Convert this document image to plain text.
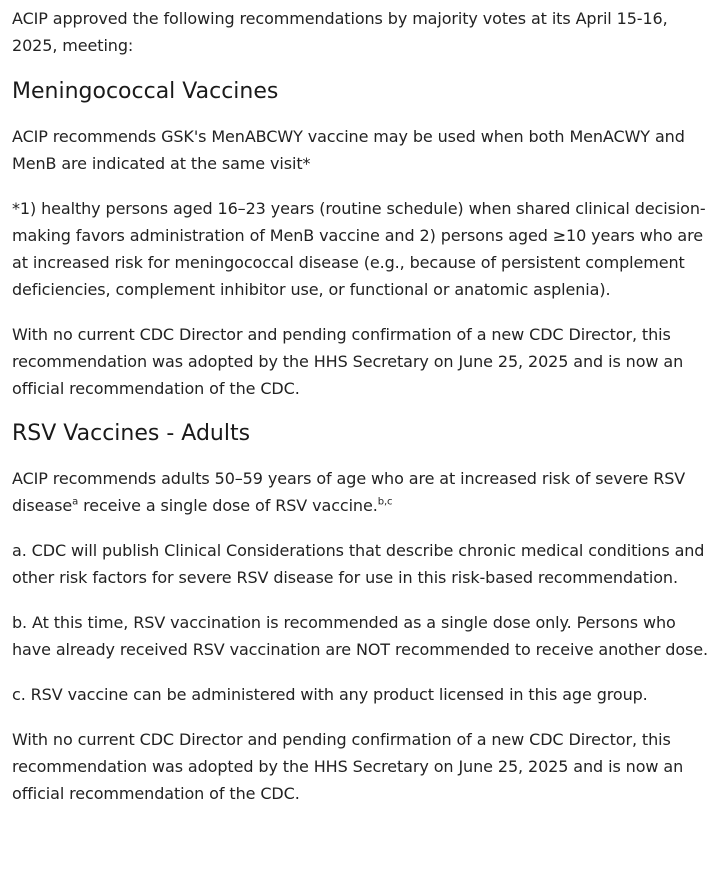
ACIP approved the following recommendations by majority votes at its April 15-16, 2025, meeting:

Meningococcal Vaccines

ACIP recommends GSK's MenABCWY vaccine may be used when both MenACWY and MenB are indicated at the same visit*

*1) healthy persons aged 16–23 years (routine schedule) when shared clinical decision-making favors administration of MenB vaccine and 2) persons aged ≥10 years who are at increased risk for meningococcal disease (e.g., because of persistent complement deficiencies, complement inhibitor use, or functional or anatomic asplenia).

With no current CDC Director and pending confirmation of a new CDC Director, this recommendation was adopted by the HHS Secretary on June 25, 2025 and is now an official recommendation of the CDC.

RSV Vaccines - Adults

ACIP recommends adults 50–59 years of age who are at increased risk of severe RSV disease$^a$ receive a single dose of RSV vaccine.$^{b,c}$

a. CDC will publish Clinical Considerations that describe chronic medical conditions and other risk factors for severe RSV disease for use in this risk-based recommendation.

b. At this time, RSV vaccination is recommended as a single dose only. Persons who have already received RSV vaccination are NOT recommended to receive another dose.

c. RSV vaccine can be administered with any product licensed in this age group.

With no current CDC Director and pending confirmation of a new CDC Director, this recommendation was adopted by the HHS Secretary on June 25, 2025 and is now an official recommendation of the CDC.
